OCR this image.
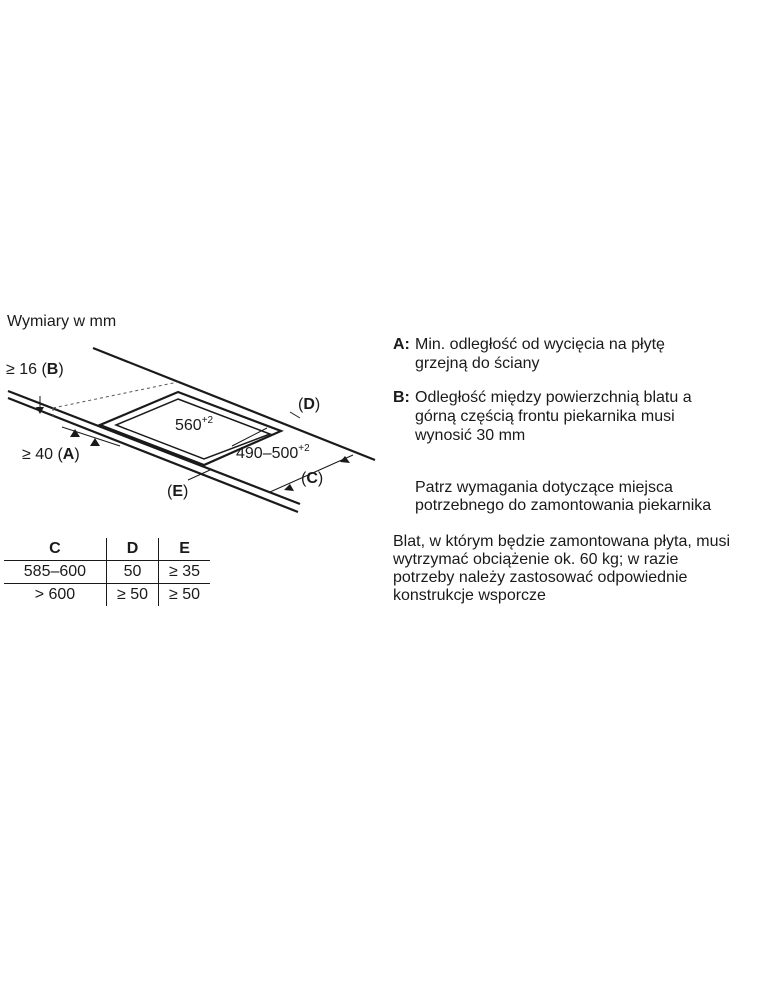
Wymiary w mm
≥ 16 (B)
≥ 40 (A)
(E)
(D)
(C)
$560^{+2}$
$490-500^{+2}$
C	D	E
585–600	50	≥ 35
> 600	≥ 50	≥ 50
A: Min. odległość od wycięcia na płytę grzejną do ściany
B: Odległość między powierzchnią blatu a górną częścią frontu piekarnika musi wynosić 30 mm
Patrz wymagania dotyczące miejsca potrzebnego do zamontowania piekarnika
Blat, w którym będzie zamontowana płyta, musi wytrzymać obciążenie ok. 60 kg; w razie potrzeby należy zastosować odpowiednie konstrukcje wsporcze
